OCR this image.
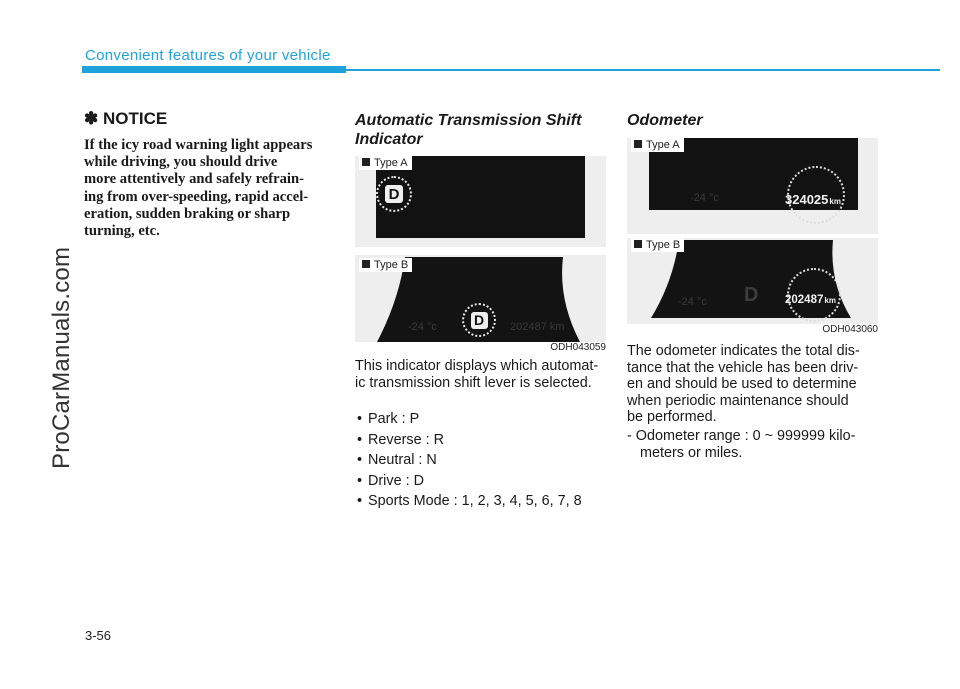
Convenient features of your vehicle
ProCarManuals.com
✽ NOTICE
If the icy road warning light appears
while driving, you should drive
more attentively and safely refrain-
ing from over-speeding, rapid accel-
eration, sudden braking or sharp
turning, etc.
Automatic Transmission Shift
Indicator
D
Type A
-24 °c	202487 km
D
Type B
ODH043059
This indicator displays which automat-
ic transmission shift lever is selected.
• Park : P
• Reverse : R
• Neutral : N
• Drive : D
• Sports Mode : 1, 2, 3, 4, 5, 6, 7, 8
Odometer
-24 °c	324025km
Type A
-24 °c D 202487km
Type B
ODH043060
The odometer indicates the total dis-
tance that the vehicle has been driv-
en and should be used to determine
when periodic maintenance should
be performed.
- Odometer range : 0 ~ 999999 kilo-
meters or miles.
3-56
